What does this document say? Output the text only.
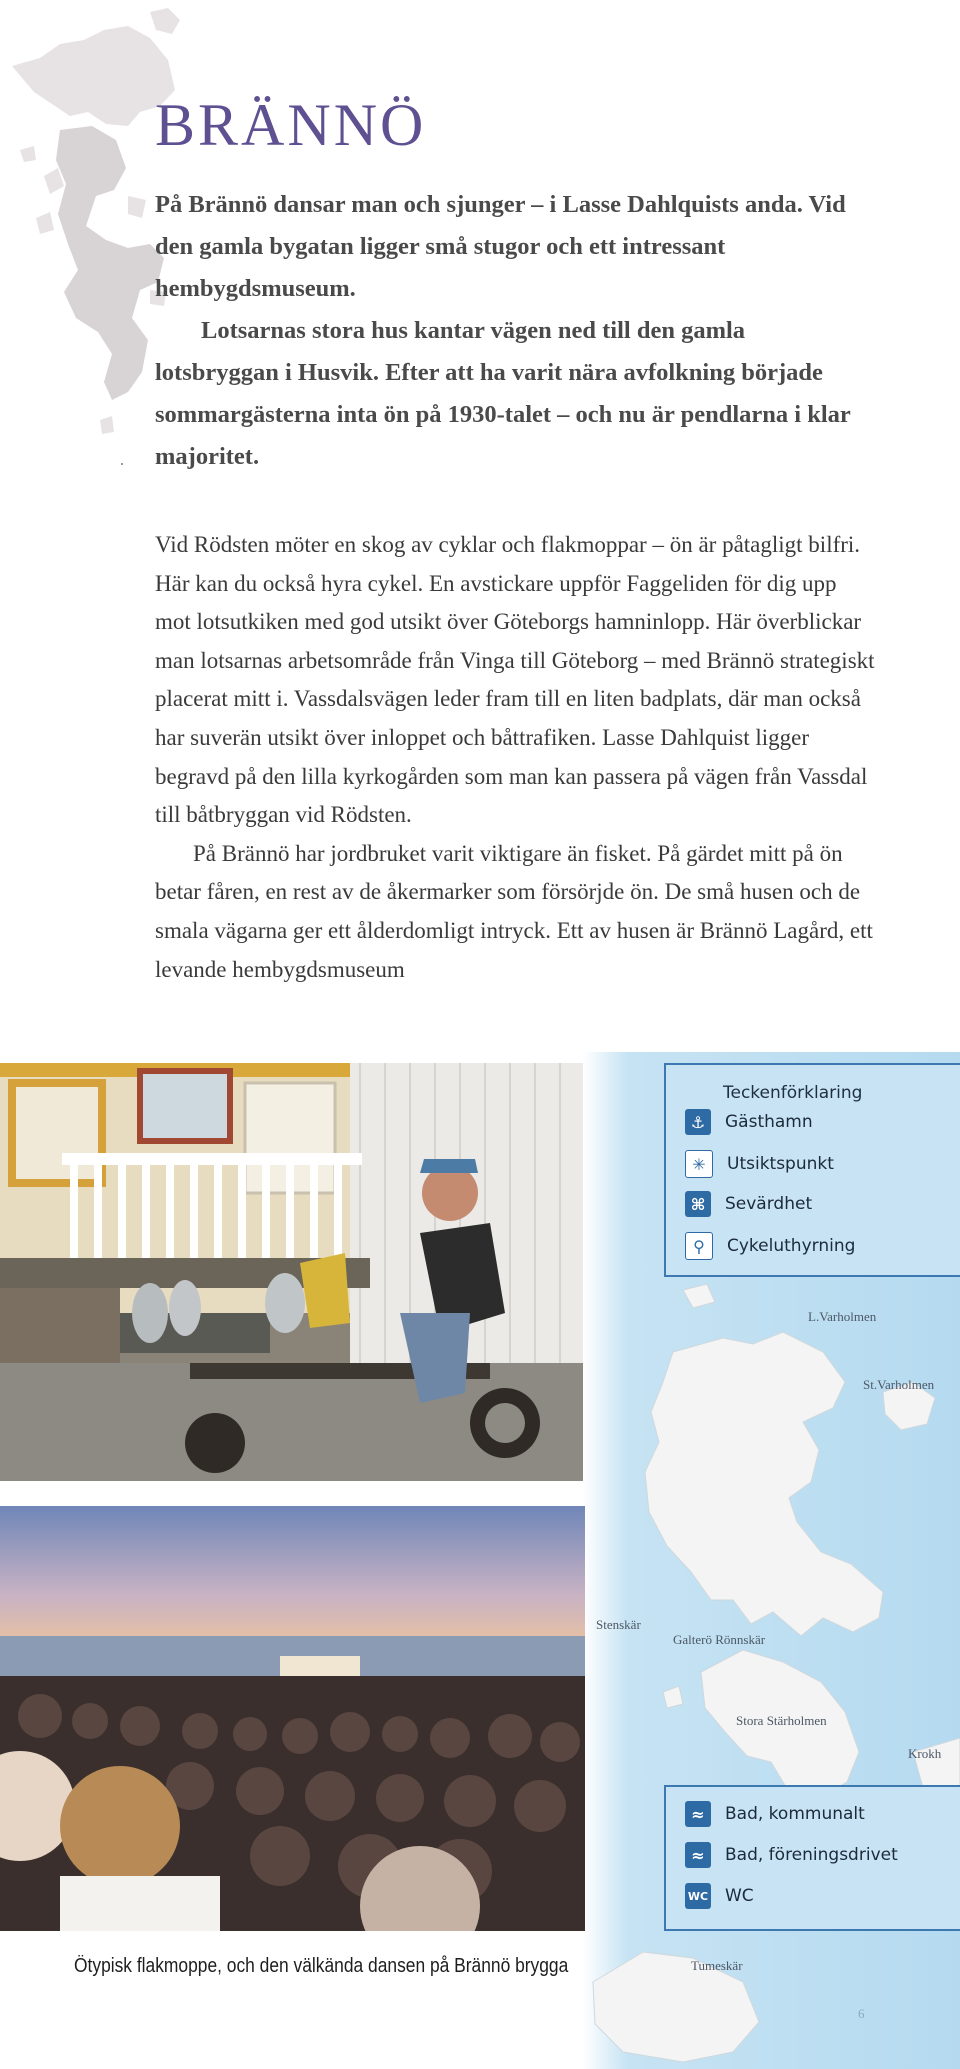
BRÄNNÖ

På Brännö dansar man och sjunger – i Lasse Dahlquists anda. Vid den gamla bygatan ligger små stugor och ett intressant hembygdsmuseum.

Lotsarnas stora hus kantar vägen ned till den gamla lotsbryggan i Husvik. Efter att ha varit nära avfolkning började sommargästerna inta ön på 1930-talet – och nu är pendlarna i klar majoritet.

Vid Rödsten möter en skog av cyklar och flakmoppar – ön är påtagligt bilfri. Här kan du också hyra cykel. En avstickare uppför Faggeliden för dig upp mot lotsutkiken med god utsikt över Göteborgs hamninlopp. Här överblickar man lotsarnas arbetsområde från Vinga till Göteborg – med Brännö strategiskt placerat mitt i. Vassdalsvägen leder fram till en liten badplats, där man också har suverän utsikt över inloppet och båttrafiken. Lasse Dahlquist ligger begravd på den lilla kyrkogården som man kan passera på vägen från Vassdal till båtbryggan vid Rödsten.

På Brännö har jordbruket varit viktigare än fisket. På gärdet mitt på ön betar fåren, en rest av de åkermarker som försörjde ön. De små husen och de smala vägarna ger ett ålderdomligt intryck. Ett av husen är Brännö Lagård, ett levande hembygdsmuseum

L.Varholmen
St.Varholmen
Stenskär
Galterö Rönnskär
Stora Stärholmen
Krokh
Tumeskär
Teckenförklaring
⚓	Gästhamn
✳	Utsiktspunkt
⌘	Sevärdhet
⚲	Cykeluthyrning
≈	Bad, kommunalt
≈	Bad, föreningsdrivet
WC WC

Ötypisk flakmoppe, och den välkända dansen på Brännö brygga

6
